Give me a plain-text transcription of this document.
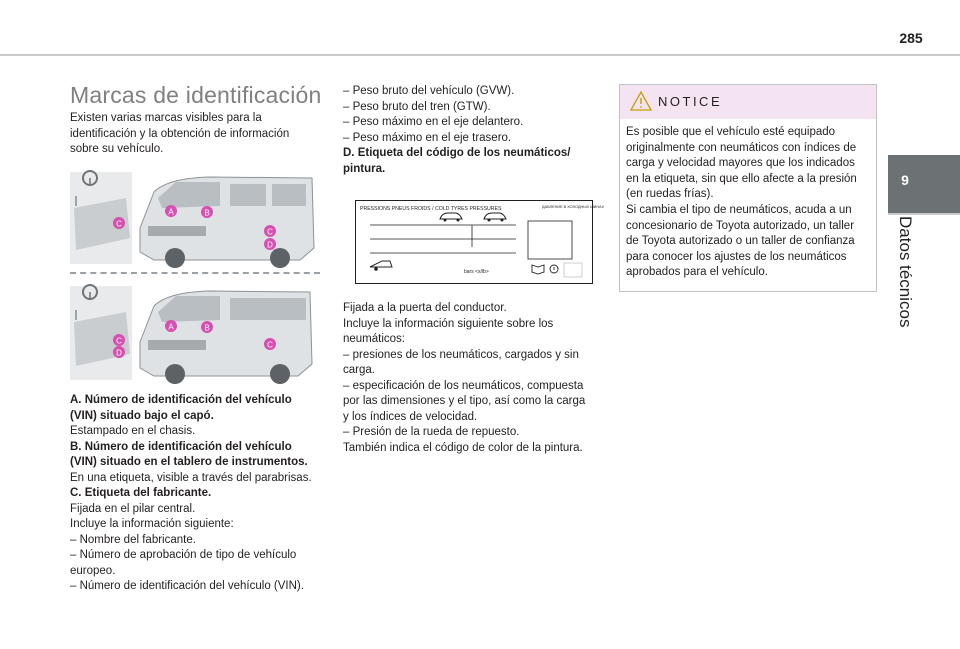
285
9
Datos técnicos
Marcas de identificación

Existen varias marcas visibles para la identificación y la obtención de información sobre su vehículo.

A	B
C
C
D
A	B
C
D
C

A. Número de identificación del vehículo

(VIN) situado bajo el capó.

Estampado en el chasis.

B. Número de identificación del vehículo

(VIN) situado en el tablero de instrumentos.

En una etiqueta, visible a través del parabrisas.

C. Etiqueta del fabricante.

Fijada en el pilar central.

Incluye la información siguiente:

– Nombre del fabricante.

– Número de aprobación de tipo de vehículo

europeo.

– Número de identificación del vehículo (VIN).

– Peso bruto del vehículo (GVW).

– Peso bruto del tren (GTW).

– Peso máximo en el eje delantero.

– Peso máximo en el eje trasero.

D. Etiqueta del código de los neumáticos/

pintura.

PRESSIONS PNEUS FROIDS / COLD TYRES PRESSURES	ДАВЛЕНИЕ В ХОЛОДНЫХ ШИНАХ
bars <x/lb>

Fijada a la puerta del conductor.

Incluye la información siguiente sobre los

neumáticos:

– presiones de los neumáticos, cargados y sin

carga.

– especificación de los neumáticos, compuesta

por las dimensiones y el tipo, así como la carga

y los índices de velocidad.

– Presión de la rueda de repuesto.

También indica el código de color de la pintura.

NOTICE

Es posible que el vehículo esté equipado

originalmente con neumáticos con índices de

carga y velocidad mayores que los indicados

en la etiqueta, sin que ello afecte a la presión

(en ruedas frías).

Si cambia el tipo de neumáticos, acuda a un

concesionario de Toyota autorizado, un taller

de Toyota autorizado o un taller de confianza

para conocer los ajustes de los neumáticos

aprobados para el vehículo.
